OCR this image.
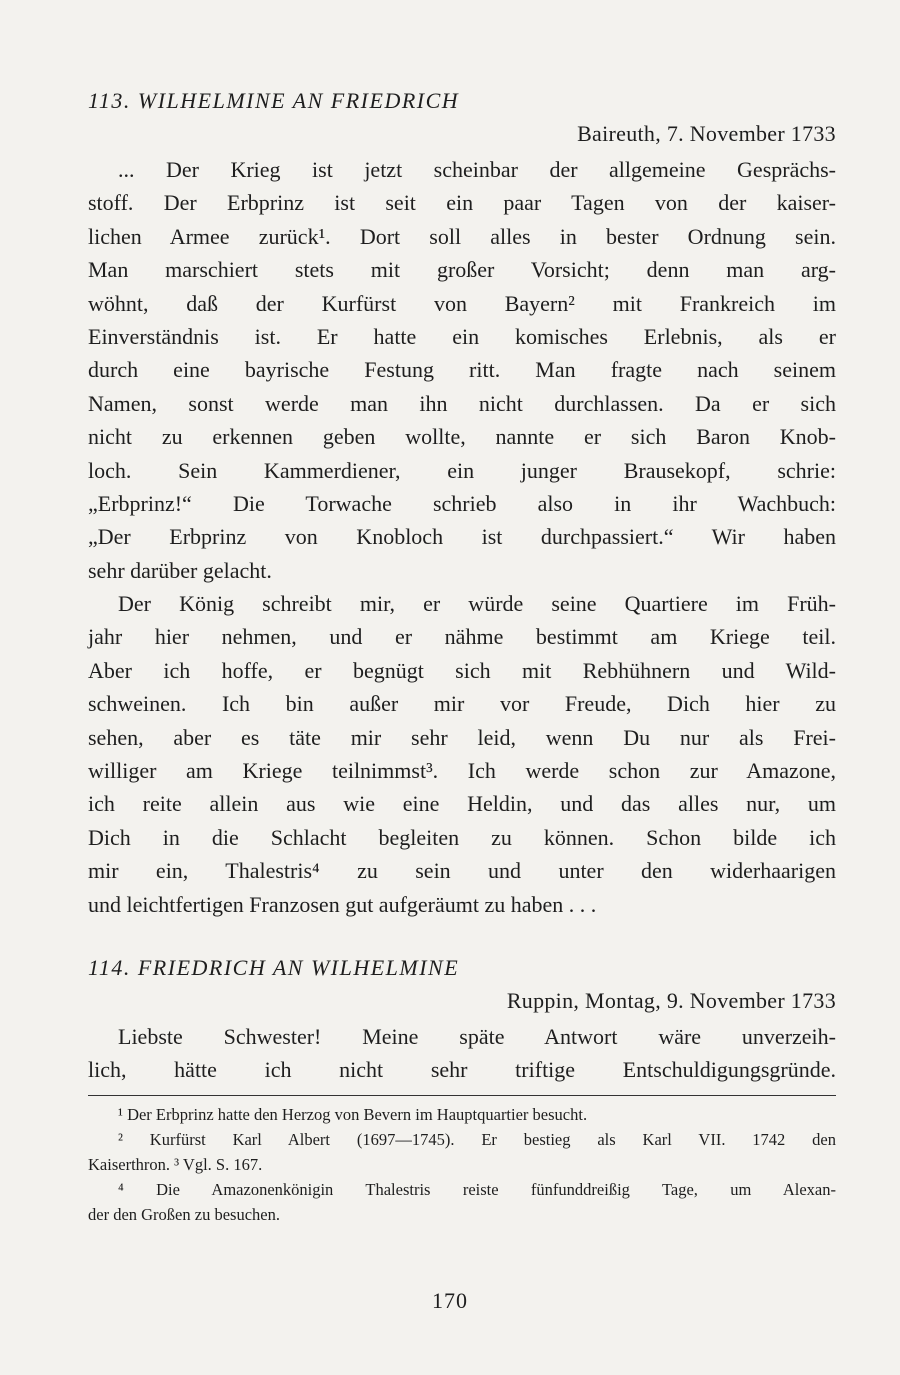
113. WILHELMINE AN FRIEDRICH
Baireuth, 7. November 1733
... Der Krieg ist jetzt scheinbar der allgemeine Gesprächs-
stoff. Der Erbprinz ist seit ein paar Tagen von der kaiser-
lichen Armee zurück¹. Dort soll alles in bester Ordnung sein.
Man marschiert stets mit großer Vorsicht; denn man arg-
wöhnt, daß der Kurfürst von Bayern² mit Frankreich im
Einverständnis ist. Er hatte ein komisches Erlebnis, als er
durch eine bayrische Festung ritt. Man fragte nach seinem
Namen, sonst werde man ihn nicht durchlassen. Da er sich
nicht zu erkennen geben wollte, nannte er sich Baron Knob-
loch. Sein Kammerdiener, ein junger Brausekopf, schrie:
„Erbprinz!“ Die Torwache schrieb also in ihr Wachbuch:
„Der Erbprinz von Knobloch ist durchpassiert.“ Wir haben
sehr darüber gelacht.
Der König schreibt mir, er würde seine Quartiere im Früh-
jahr hier nehmen, und er nähme bestimmt am Kriege teil.
Aber ich hoffe, er begnügt sich mit Rebhühnern und Wild-
schweinen. Ich bin außer mir vor Freude, Dich hier zu
sehen, aber es täte mir sehr leid, wenn Du nur als Frei-
williger am Kriege teilnimmst³. Ich werde schon zur Amazone,
ich reite allein aus wie eine Heldin, und das alles nur, um
Dich in die Schlacht begleiten zu können. Schon bilde ich
mir ein, Thalestris⁴ zu sein und unter den widerhaarigen
und leichtfertigen Franzosen gut aufgeräumt zu haben . . .
114. FRIEDRICH AN WILHELMINE
Ruppin, Montag, 9. November 1733
Liebste Schwester! Meine späte Antwort wäre unverzeih-
lich, hätte ich nicht sehr triftige Entschuldigungsgründe.
¹ Der Erbprinz hatte den Herzog von Bevern im Hauptquartier besucht.
² Kurfürst Karl Albert (1697—1745). Er bestieg als Karl VII. 1742 den
Kaiserthron. ³ Vgl. S. 167.
⁴ Die Amazonenkönigin Thalestris reiste fünfunddreißig Tage, um Alexan-
der den Großen zu besuchen.
170
